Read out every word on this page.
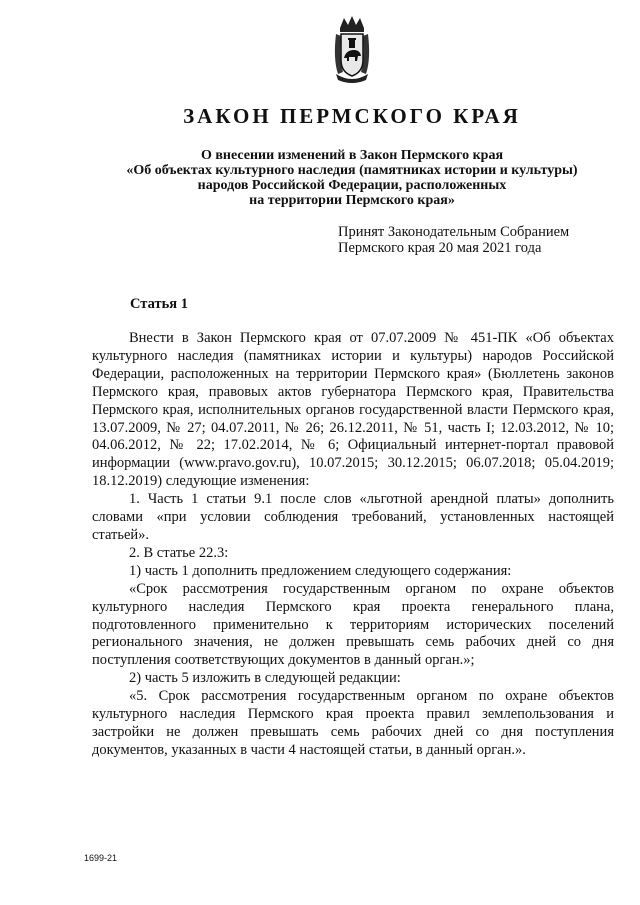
ЗАКОН ПЕРМСКОГО КРАЯ
О внесении изменений в Закон Пермского края
«Об объектах культурного наследия (памятниках истории и культуры)
народов Российской Федерации, расположенных
на территории Пермского края»
Принят Законодательным Собранием
Пермского края 20 мая 2021 года
Статья 1

Внести в Закон Пермского края от 07.07.2009 № 451-ПК «Об объектах культурного наследия (памятниках истории и культуры) народов Российской Федерации, расположенных на территории Пермского края» (Бюллетень законов Пермского края, правовых актов губернатора Пермского края, Правительства Пермского края, исполнительных органов государственной власти Пермского края, 13.07.2009, № 27; 04.07.2011, № 26; 26.12.2011, № 51, часть I; 12.03.2012, № 10; 04.06.2012, № 22; 17.02.2014, № 6; Официальный интернет-портал правовой информации (www.pravo.gov.ru), 10.07.2015; 30.12.2015; 06.07.2018; 05.04.2019; 18.12.2019) следующие изменения:

1. Часть 1 статьи 9.1 после слов «льготной арендной платы» дополнить словами «при условии соблюдения требований, установленных настоящей статьей».

2. В статье 22.3:

1) часть 1 дополнить предложением следующего содержания:

«Срок рассмотрения государственным органом по охране объектов культурного наследия Пермского края проекта генерального плана, подготовленного применительно к территориям исторических поселений регионального значения, не должен превышать семь рабочих дней со дня поступления соответствующих документов в данный орган.»;

2) часть 5 изложить в следующей редакции:

«5. Срок рассмотрения государственным органом по охране объектов культурного наследия Пермского края проекта правил землепользования и застройки не должен превышать семь рабочих дней со дня поступления документов, указанных в части 4 настоящей статьи, в данный орган.».

1699-21
